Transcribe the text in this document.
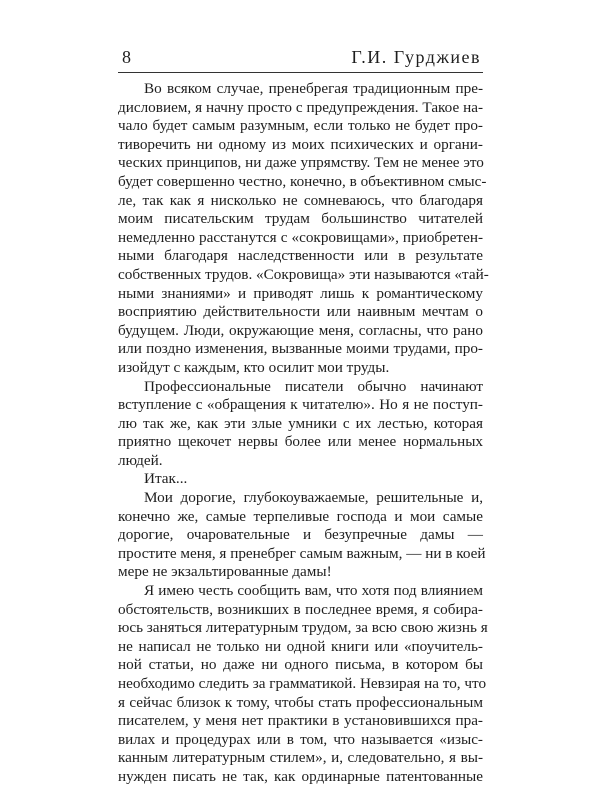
8	Г.И. Гурджиев
Во всяком случае, пренебрегая традиционным пре-
дисловием, я начну просто с предупреждения. Такое на-
чало будет самым разумным, если только не будет про-
тиворечить ни одному из моих психических и органи-
ческих принципов, ни даже упрямству. Тем не менее это
будет совершенно честно, конечно, в объективном смыс-
ле, так как я нисколько не сомневаюсь, что благодаря
моим писательским трудам большинство читателей
немедленно расстанутся с «сокровищами», приобретен-
ными благодаря наследственности или в результате
собственных трудов. «Сокровища» эти называются «тай-
ными знаниями» и приводят лишь к романтическому
восприятию действительности или наивным мечтам о
будущем. Люди, окружающие меня, согласны, что рано
или поздно изменения, вызванные моими трудами, про-
изойдут с каждым, кто осилит мои труды.
Профессиональные писатели обычно начинают
вступление с «обращения к читателю». Но я не поступ-
лю так же, как эти злые умники с их лестью, которая
приятно щекочет нервы более или менее нормальных
людей.
Итак...
Мои дорогие, глубокоуважаемые, решительные и,
конечно же, самые терпеливые господа и мои самые
дорогие, очаровательные и безупречные дамы —
простите меня, я пренебрег самым важным, — ни в коей
мере не экзальтированные дамы!
Я имею честь сообщить вам, что хотя под влиянием
обстоятельств, возникших в последнее время, я собира-
юсь заняться литературным трудом, за всю свою жизнь я
не написал не только ни одной книги или «поучитель-
ной статьи, но даже ни одного письма, в котором бы
необходимо следить за грамматикой. Невзирая на то, что
я сейчас близок к тому, чтобы стать профессиональным
писателем, у меня нет практики в установившихся пра-
вилах и процедурах или в том, что называется «изыс-
канным литературным стилем», и, следовательно, я вы-
нужден писать не так, как ординарные патентованные
